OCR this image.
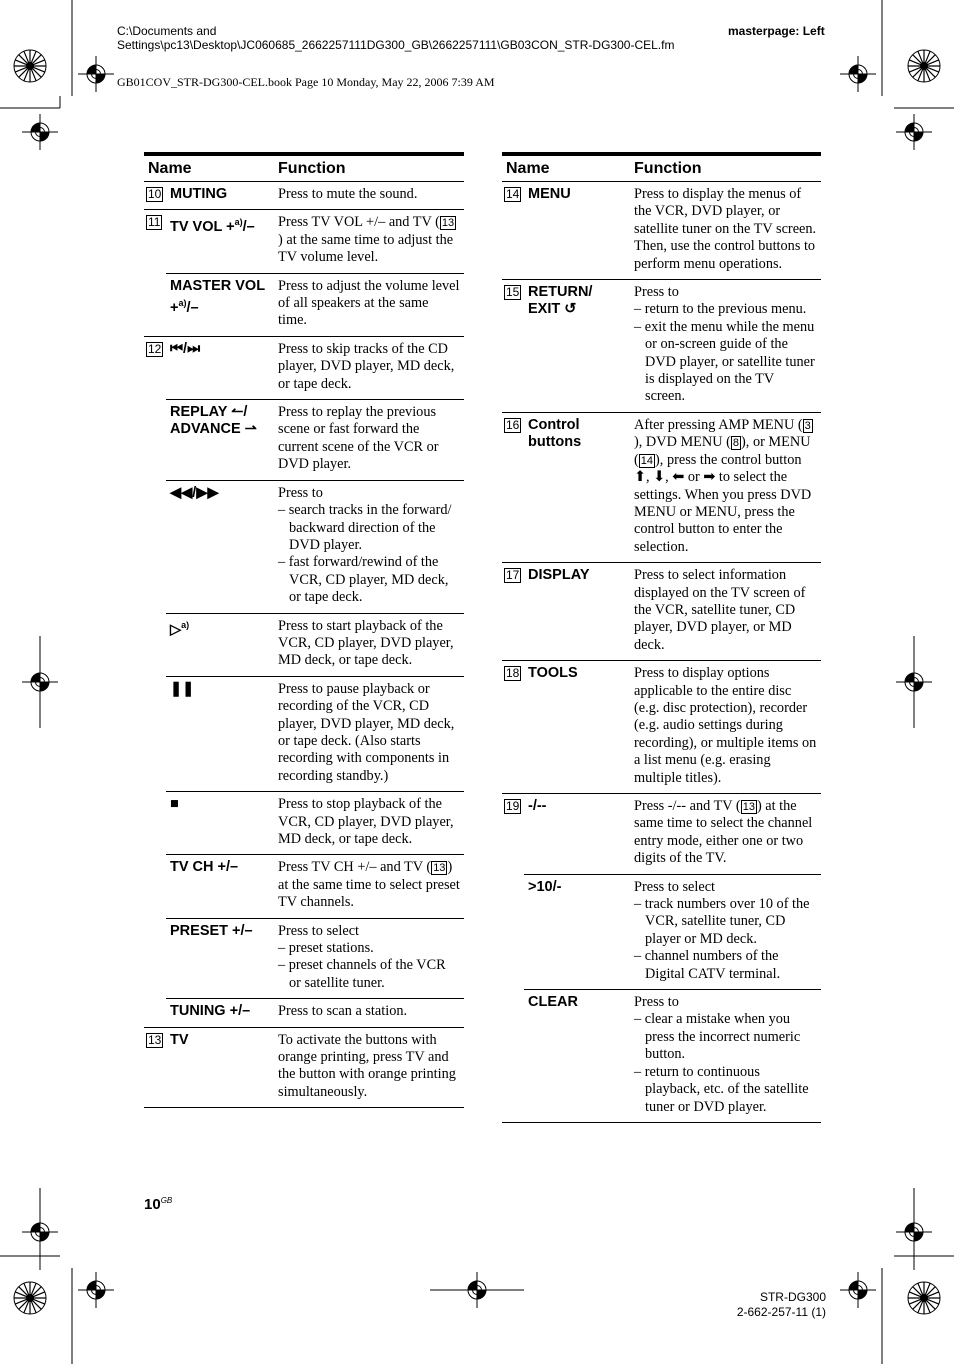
C:\Documents and Settings\pc13\Desktop\JC060685_2662257111DG300_GB\2662257111\GB03CON_STR-DG300-CEL.fm
GB01COV_STR-DG300-CEL.book Page 10 Monday, May 22, 2006 7:39 AM
masterpage: Left
Name		Function
10	MUTING	Press to mute the sound.

11	TV VOL +$^{a)}$/–	Press TV VOL +/– and TV ( 13) at the same time to adjust the TV volume level.

	MASTER VOL +$^{a)}$/–	Press to adjust the volume level of all speakers at the same time.

12	⏮/⏭	Press to skip tracks of the CD player, DVD player, MD deck, or tape deck.

	REPLAY ↼/ ADVANCE ⇀	Press to replay the previous scene or fast forward the current scene of the VCR or DVD player.

	◀◀/▶▶	Press to
– search tracks in the forward/ backward direction of the DVD player.
– fast forward/rewind of the VCR, CD player, MD deck, or tape deck.

	▷$^{a)}$	Press to start playback of the VCR, CD player, DVD player, MD deck, or tape deck.

	❚❚	Press to pause playback or recording of the VCR, CD player, DVD player, MD deck, or tape deck. (Also starts recording with components in recording standby.)

	■	Press to stop playback of the VCR, CD player, DVD player, MD deck, or tape deck.

	TV CH +/–	Press TV CH +/– and TV ( 13 ) at the same time to select preset TV channels.

	PRESET +/–	Press to select
– preset stations.
– preset channels of the VCR or satellite tuner.

	TUNING +/–	Press to scan a station.

13	TV	To activate the buttons with orange printing, press TV and the button with orange printing simultaneously.
Name		Function
14	MENU	Press to display the menus of the VCR, DVD player, or satellite tuner on the TV screen. Then, use the control buttons to perform menu operations.

15	RETURN/ EXIT ↺	Press to
– return to the previous menu.
– exit the menu while the menu or on-screen guide of the DVD player, or satellite tuner is displayed on the TV screen.

16	Control buttons	After pressing AMP MENU ( 3), DVD MENU ( 8 ), or MENU ( 14 ), press the control button ⬆, ⬇, ⬅ or ➡ to select the settings. When you press DVD MENU or MENU, press the control button to enter the selection.

17	DISPLAY	Press to select information displayed on the TV screen of the VCR, satellite tuner, CD player, DVD player, or MD deck.

18	TOOLS	Press to display options applicable to the entire disc (e.g. disc protection), recorder (e.g. audio settings during recording), or multiple items on a list menu (e.g. erasing multiple titles).

19	-/--	Press -/-- and TV ( 13 ) at the same time to select the channel entry mode, either one or two digits of the TV.

	>10/-	Press to select
– track numbers over 10 of the VCR, satellite tuner, CD player or MD deck.
– channel numbers of the Digital CATV terminal.

	CLEAR	Press to
– clear a mistake when you press the incorrect numeric button.
– return to continuous playback, etc. of the satellite tuner or DVD player.
$10^{GB}$
STR-DG300
2-662-257-11 (1)
